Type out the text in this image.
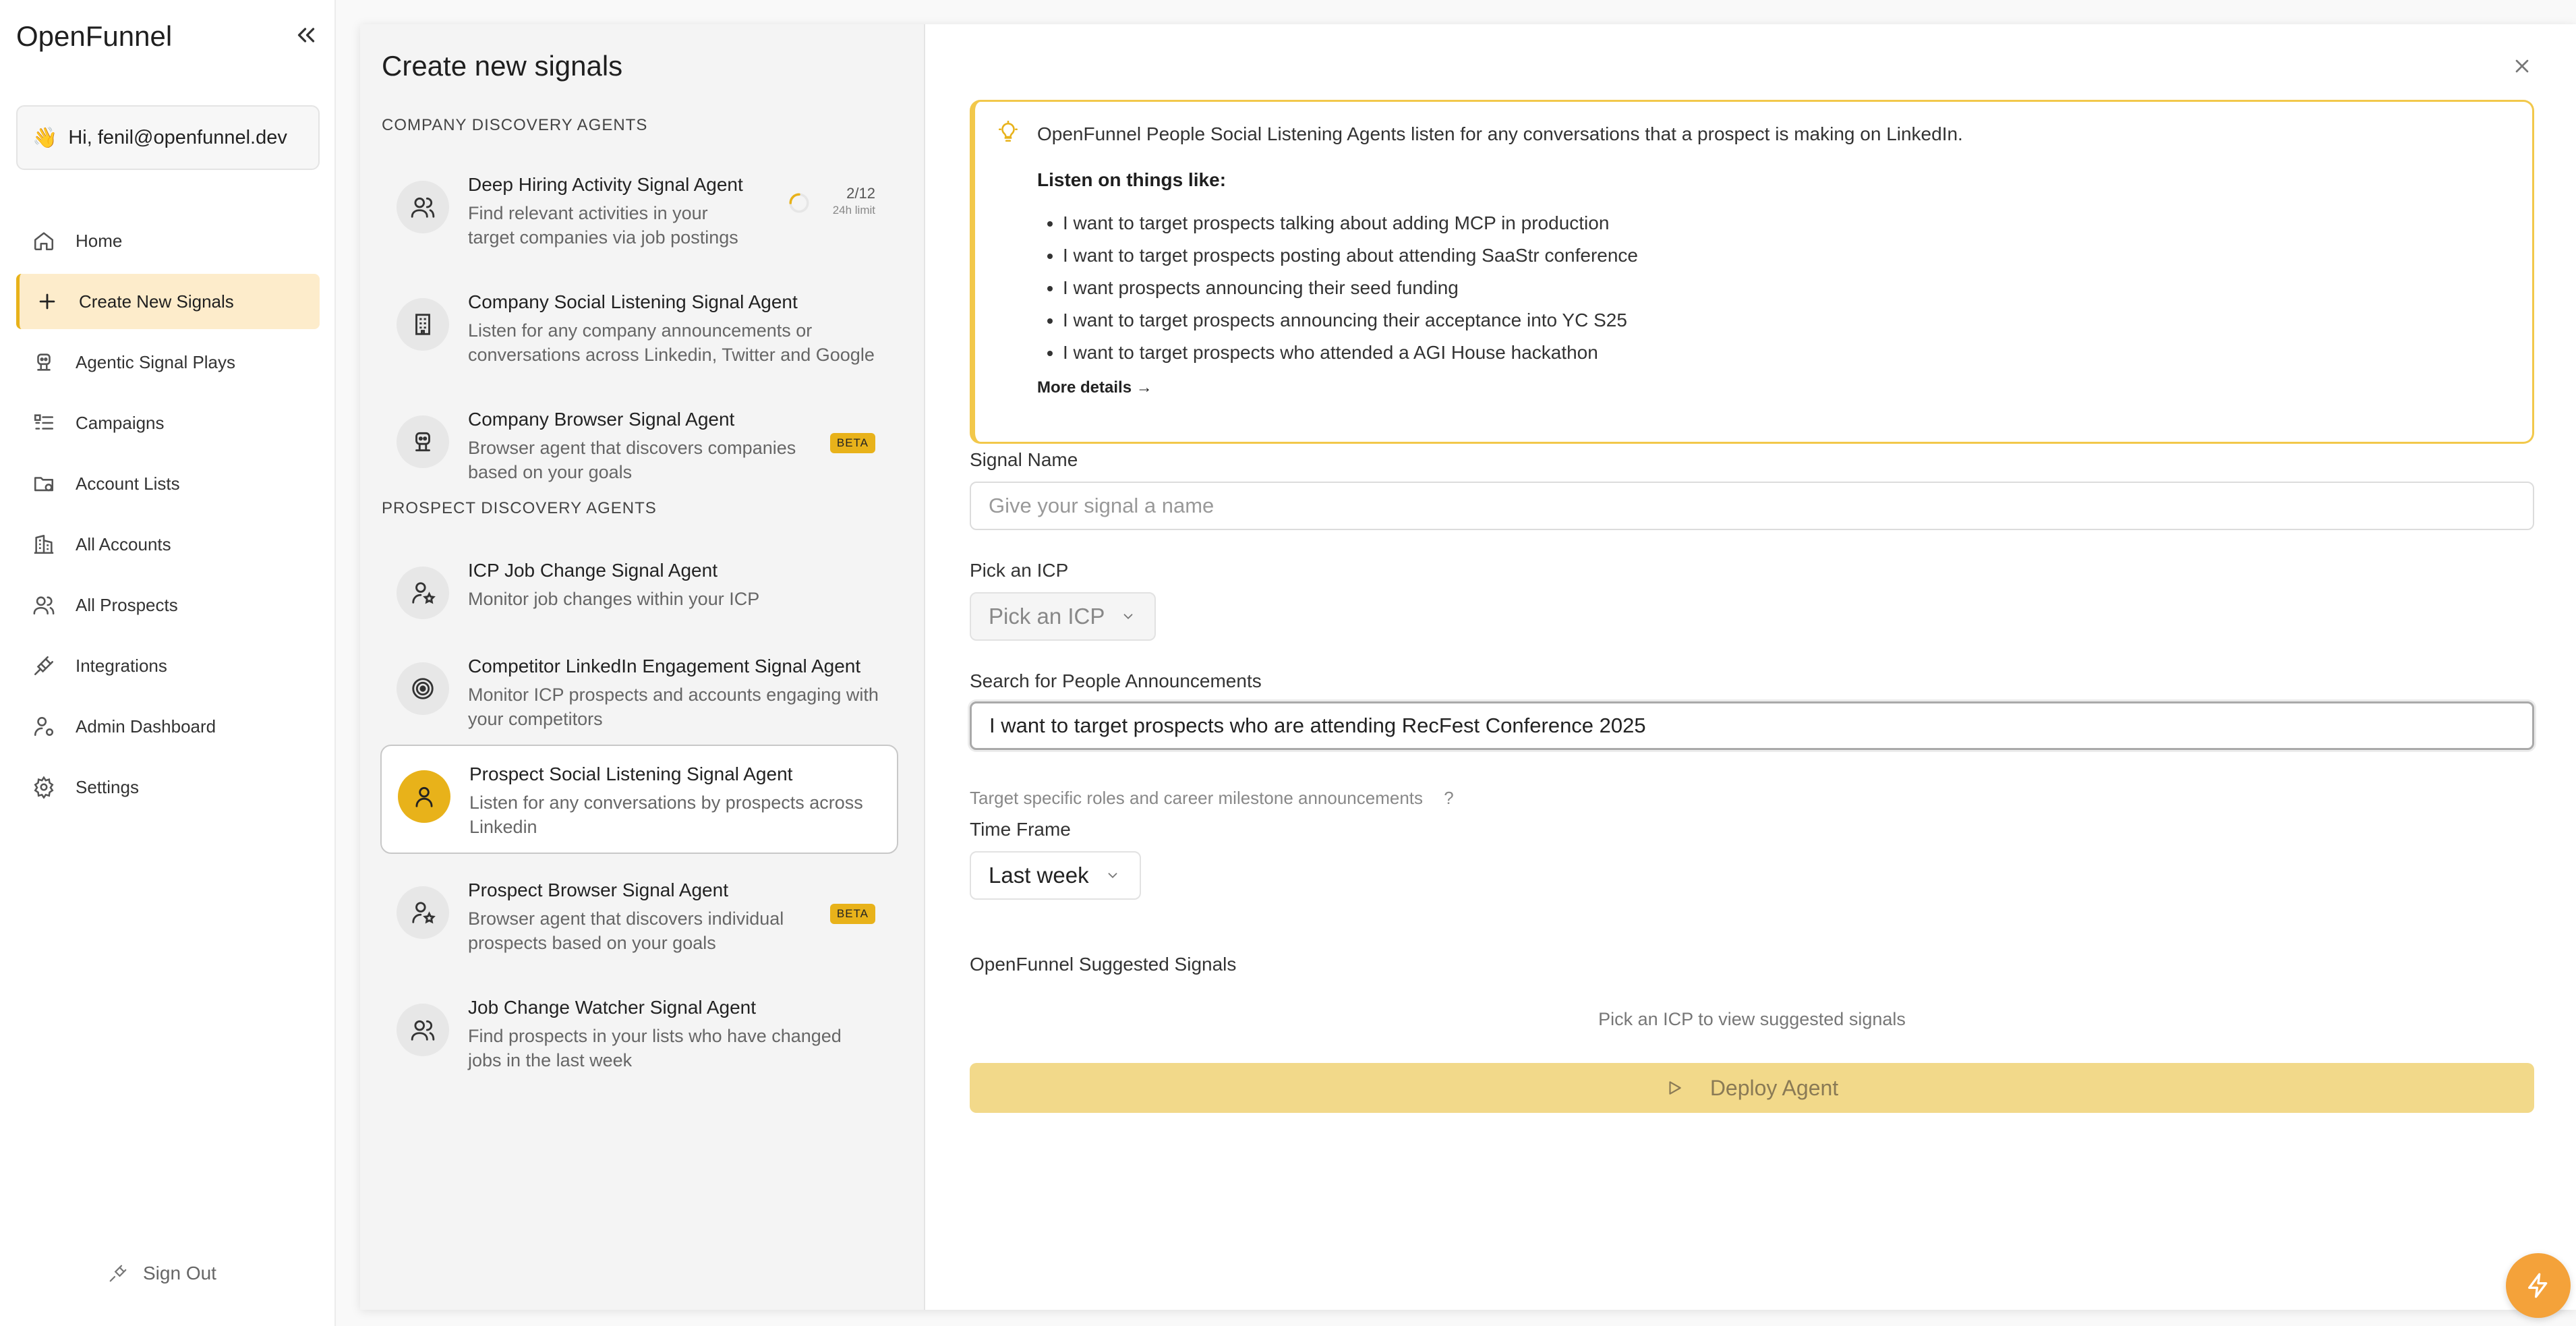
OpenFunnel
👋 Hi, fenil@openfunnel.dev
Home
Create New Signals
Agentic Signal Plays
Campaigns
Account Lists
All Accounts
All Prospects
Integrations
Admin Dashboard
Settings
Sign Out
Create new signals
COMPANY DISCOVERY AGENTS
Deep Hiring Activity Signal Agent
Find relevant activities in your target companies via job postings
2/12
24h limit
Company Social Listening Signal Agent
Listen for any company announcements or conversations across Linkedin, Twitter and Google
Company Browser Signal Agent
Browser agent that discovers companies based on your goals
BETA
PROSPECT DISCOVERY AGENTS
ICP Job Change Signal Agent
Monitor job changes within your ICP
Competitor LinkedIn Engagement Signal Agent
Monitor ICP prospects and accounts engaging with your competitors
Prospect Social Listening Signal Agent
Listen for any conversations by prospects across Linkedin
Prospect Browser Signal Agent
Browser agent that discovers individual prospects based on your goals
BETA
Job Change Watcher Signal Agent
Find prospects in your lists who have changed jobs in the last week
OpenFunnel People Social Listening Agents listen for any conversations that a prospect is making on LinkedIn.
Listen on things like:
• I want to target prospects talking about adding MCP in production
• I want to target prospects posting about attending SaaStr conference
• I want prospects announcing their seed funding
• I want to target prospects announcing their acceptance into YC S25
• I want to target prospects who attended a AGI House hackathon
More details →
Signal Name
Give your signal a name
Pick an ICP
Pick an ICP
Search for People Announcements
I want to target prospects who are attending RecFest Conference 2025
Target specific roles and career milestone announcements ?
Time Frame
Last week
OpenFunnel Suggested Signals
Pick an ICP to view suggested signals
Deploy Agent
